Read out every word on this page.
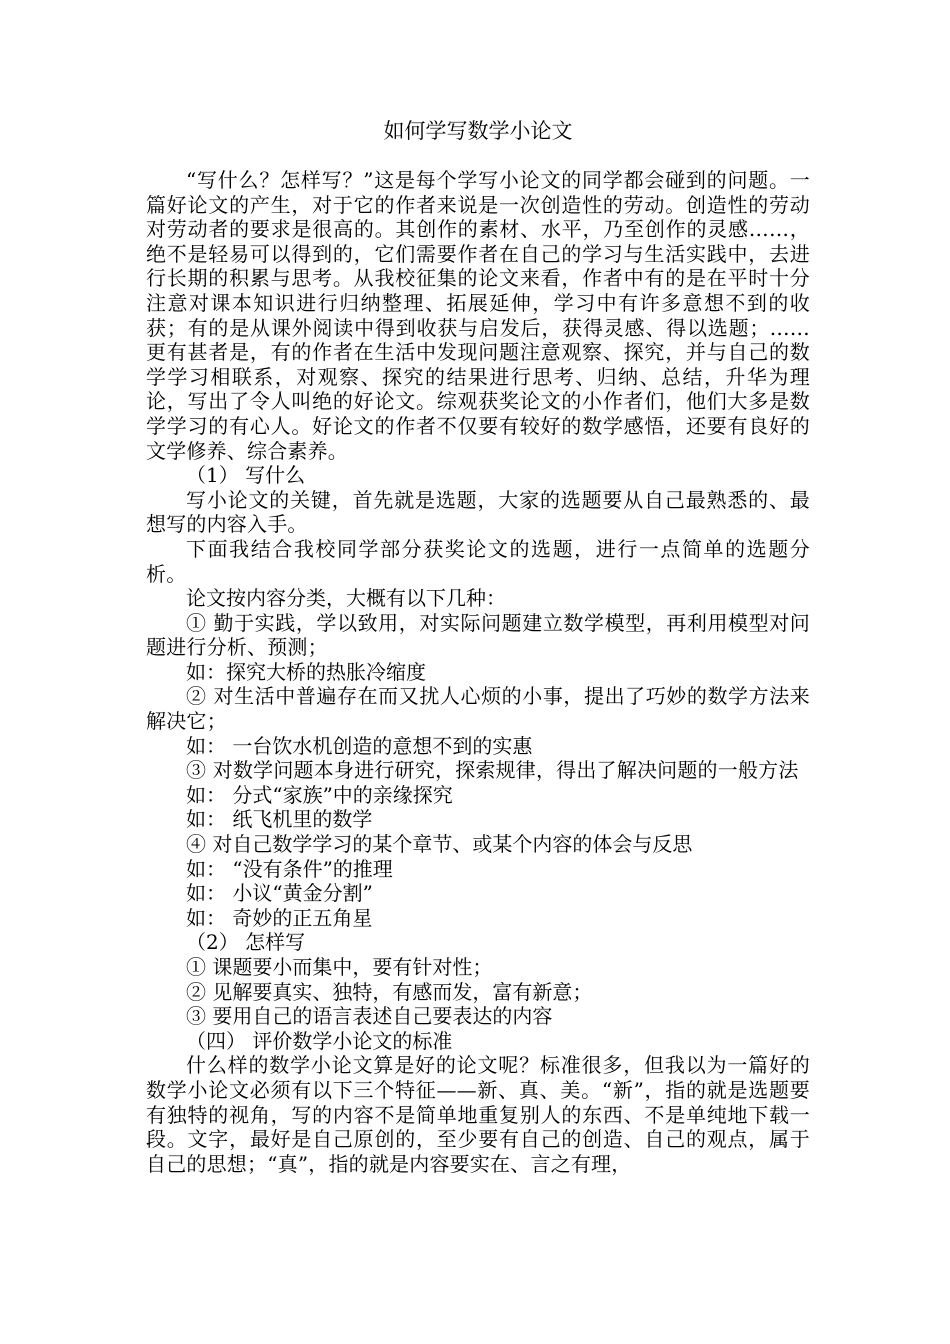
如何学写数学小论文

“写什么？怎样写？”这是每个学写小论文的同学都会碰到的问题。一篇好论文的产生，对于它的作者来说是一次创造性的劳动。创造性的劳动对劳动者的要求是很高的。其创作的素材、水平，乃至创作的灵感……，绝不是轻易可以得到的，它们需要作者在自己的学习与生活实践中，去进行长期的积累与思考。从我校征集的论文来看，作者中有的是在平时十分注意对课本知识进行归纳整理、拓展延伸，学习中有许多意想不到的收获；有的是从课外阅读中得到收获与启发后，获得灵感、得以选题；……更有甚者是，有的作者在生活中发现问题注意观察、探究，并与自己的数学学习相联系，对观察、探究的结果进行思考、归纳、总结，升华为理论，写出了令人叫绝的好论文。综观获奖论文的小作者们，他们大多是数学学习的有心人。好论文的作者不仅要有较好的数学感悟，还要有良好的文学修养、综合素养。

（1） 写什么

写小论文的关键，首先就是选题，大家的选题要从自己最熟悉的、最想写的内容入手。

下面我结合我校同学部分获奖论文的选题，进行一点简单的选题分析。

论文按内容分类，大概有以下几种：

① 勤于实践，学以致用，对实际问题建立数学模型，再利用模型对问题进行分析、预测；

如：探究大桥的热胀冷缩度

② 对生活中普遍存在而又扰人心烦的小事，提出了巧妙的数学方法来解决它；

如： 一台饮水机创造的意想不到的实惠

③ 对数学问题本身进行研究，探索规律，得出了解决问题的一般方法

如： 分式“家族”中的亲缘探究

如： 纸飞机里的数学

④ 对自己数学学习的某个章节、或某个内容的体会与反思

如： “没有条件”的推理

如： 小议“黄金分割”

如： 奇妙的正五角星

（2） 怎样写

① 课题要小而集中，要有针对性；

② 见解要真实、独特，有感而发，富有新意；

③ 要用自己的语言表述自己要表达的内容

（四） 评价数学小论文的标准

什么样的数学小论文算是好的论文呢？标准很多，但我以为一篇好的数学小论文必须有以下三个特征——新、真、美。“新”，指的就是选题要有独特的视角，写的内容不是简单地重复别人的东西、不是单纯地下载一段。文字，最好是自己原创的，至少要有自己的创造、自己的观点，属于自己的思想；“真”，指的就是内容要实在、言之有理，
